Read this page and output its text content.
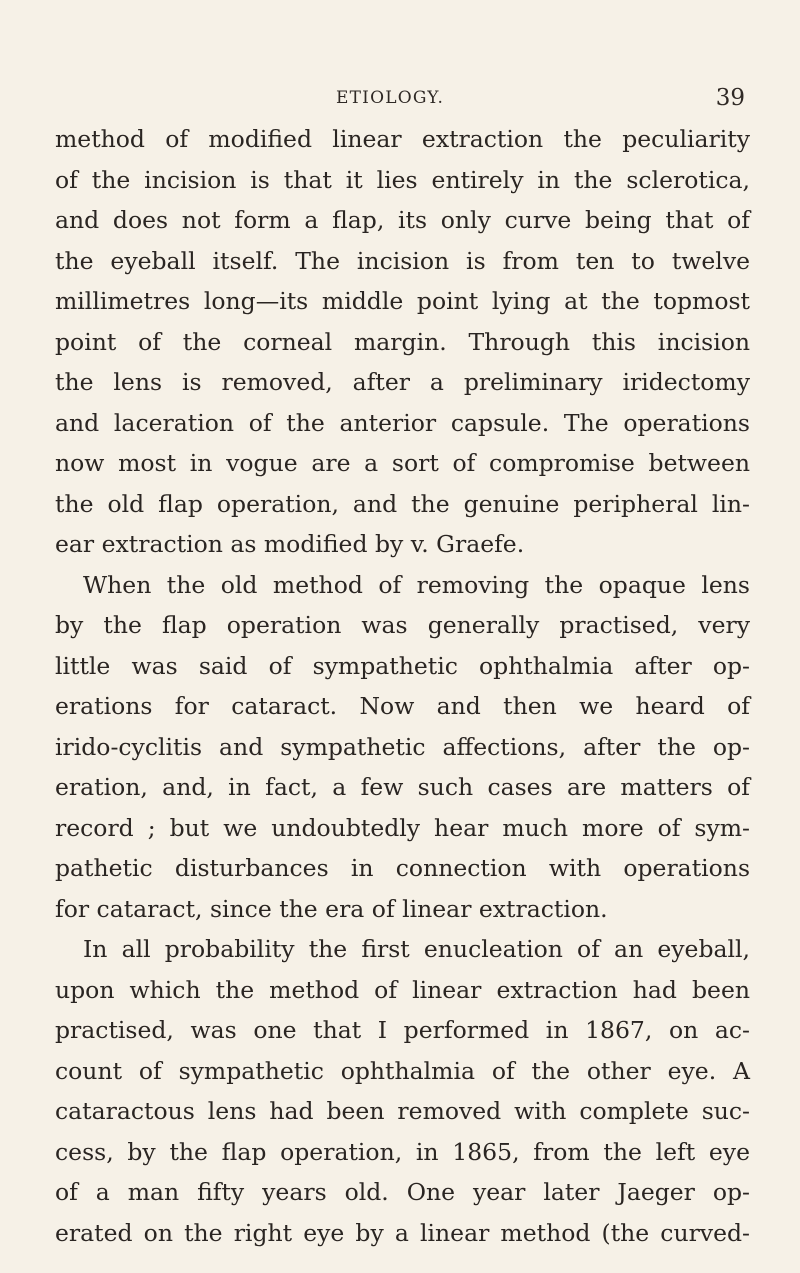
ETIOLOGY.	39
method of modified linear extraction the peculiarity
of the incision is that it lies entirely in the sclerotica,
and does not form a flap, its only curve being that of
the eyeball itself. The incision is from ten to twelve
millimetres long—its middle point lying at the topmost
point of the corneal margin. Through this incision
the lens is removed, after a preliminary iridectomy
and laceration of the anterior capsule. The operations
now most in vogue are a sort of compromise between
the old flap operation, and the genuine peripheral lin-
ear extraction as modified by v. Graefe.
When the old method of removing the opaque lens
by the flap operation was generally practised, very
little was said of sympathetic ophthalmia after op-
erations for cataract. Now and then we heard of
irido-cyclitis and sympathetic affections, after the op-
eration, and, in fact, a few such cases are matters of
record ; but we undoubtedly hear much more of sym-
pathetic disturbances in connection with operations
for cataract, since the era of linear extraction.
In all probability the first enucleation of an eyeball,
upon which the method of linear extraction had been
practised, was one that I performed in 1867, on ac-
count of sympathetic ophthalmia of the other eye. A
cataractous lens had been removed with complete suc-
cess, by the flap operation, in 1865, from the left eye
of a man fifty years old. One year later Jaeger op-
erated on the right eye by a linear method (the curved-
